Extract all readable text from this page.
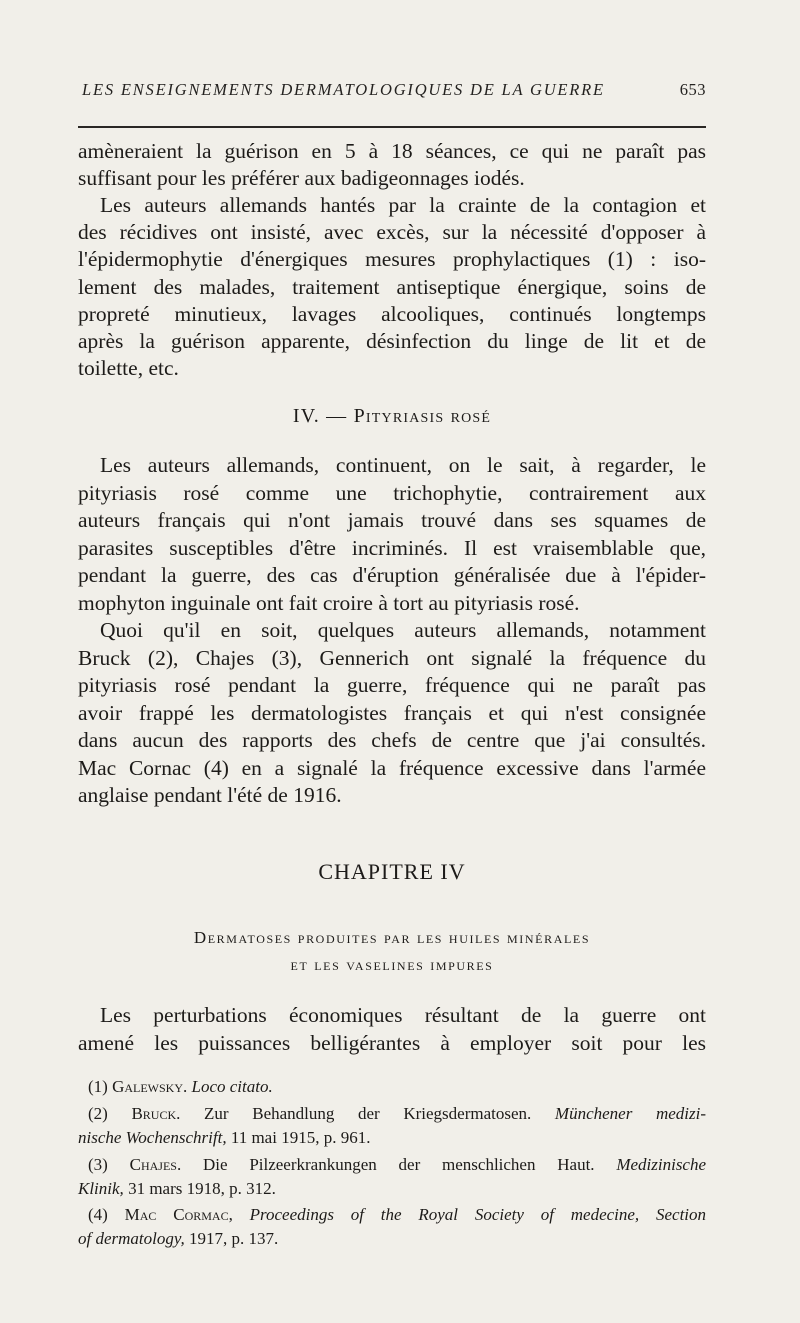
LES ENSEIGNEMENTS DERMATOLOGIQUES DE LA GUERRE	653
amèneraient la guérison en 5 à 18 séances, ce qui ne paraît pas
suffisant pour les préférer aux badigeonnages iodés.
Les auteurs allemands hantés par la crainte de la contagion et
des récidives ont insisté, avec excès, sur la nécessité d'opposer à
l'épidermophytie d'énergiques mesures prophylactiques (1) : iso-
lement des malades, traitement antiseptique énergique, soins de
propreté minutieux, lavages alcooliques, continués longtemps
après la guérison apparente, désinfection du linge de lit et de
toilette, etc.
IV. — Pityriasis rosé
Les auteurs allemands, continuent, on le sait, à regarder, le
pityriasis rosé comme une trichophytie, contrairement aux
auteurs français qui n'ont jamais trouvé dans ses squames de
parasites susceptibles d'être incriminés. Il est vraisemblable que,
pendant la guerre, des cas d'éruption généralisée due à l'épider-
mophyton inguinale ont fait croire à tort au pityriasis rosé.
Quoi qu'il en soit, quelques auteurs allemands, notamment
Bruck (2), Chajes (3), Gennerich ont signalé la fréquence du
pityriasis rosé pendant la guerre, fréquence qui ne paraît pas
avoir frappé les dermatologistes français et qui n'est consignée
dans aucun des rapports des chefs de centre que j'ai consultés.
Mac Cornac (4) en a signalé la fréquence excessive dans l'armée
anglaise pendant l'été de 1916.
CHAPITRE IV
Dermatoses produites par les huiles minérales
et les vaselines impures
Les perturbations économiques résultant de la guerre ont
amené les puissances belligérantes à employer soit pour les
(1) Galewsky. Loco citato.
(2) Bruck. Zur Behandlung der Kriegsdermatosen. Münchener medizi-
nische Wochenschrift, 11 mai 1915, p. 961.
(3) Chajes. Die Pilzeerkrankungen der menschlichen Haut. Medizinische
Klinik, 31 mars 1918, p. 312.
(4) Mac Cormac, Proceedings of the Royal Society of medecine, Section
of dermatology, 1917, p. 137.
